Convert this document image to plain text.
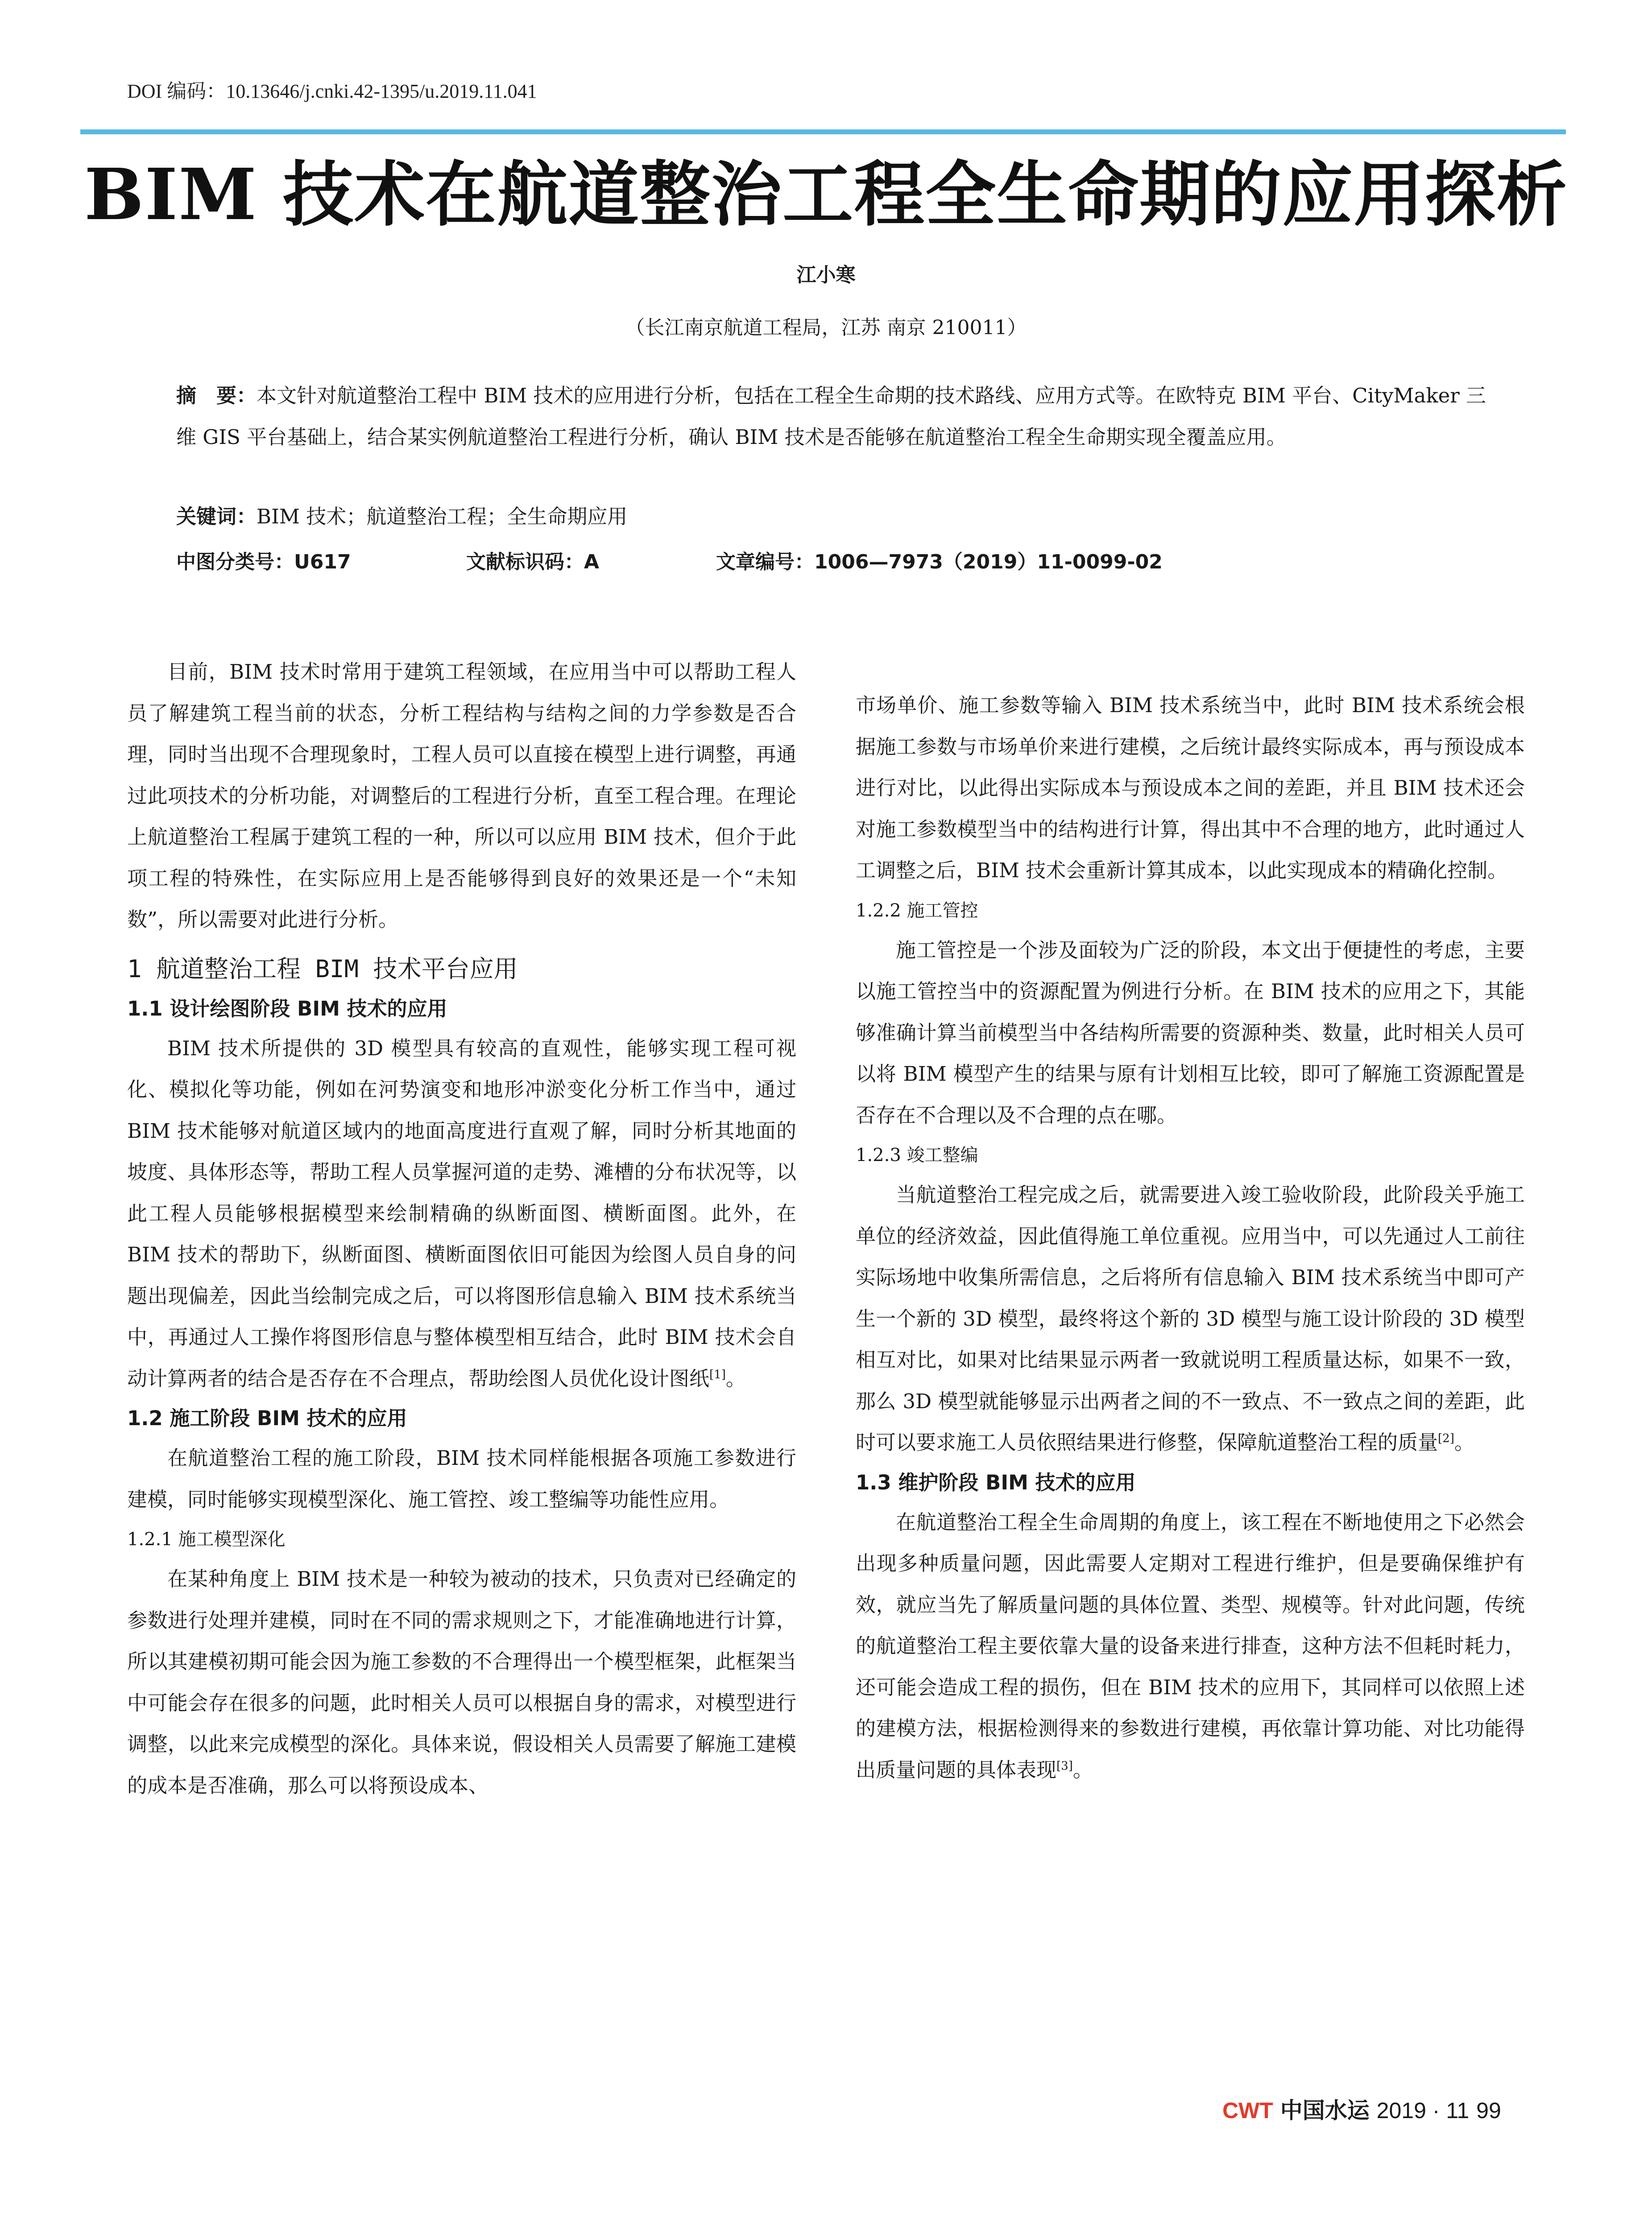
DOI 编码：10.13646/j.cnki.42-1395/u.2019.11.041
BIM 技术在航道整治工程全生命期的应用探析
江小寒
（长江南京航道工程局，江苏 南京 210011）
摘　要：本文针对航道整治工程中 BIM 技术的应用进行分析，包括在工程全生命期的技术路线、应用方式等。在欧特克 BIM 平台、CityMaker 三维 GIS 平台基础上，结合某实例航道整治工程进行分析，确认 BIM 技术是否能够在航道整治工程全生命期实现全覆盖应用。
关键词：BIM 技术；航道整治工程；全生命期应用
中图分类号：U617	文献标识码：A	文章编号：1006—7973（2019）11-0099-02

目前，BIM 技术时常用于建筑工程领域，在应用当中可以帮助工程人员了解建筑工程当前的状态，分析工程结构与结构之间的力学参数是否合理，同时当出现不合理现象时，工程人员可以直接在模型上进行调整，再通过此项技术的分析功能，对调整后的工程进行分析，直至工程合理。在理论上航道整治工程属于建筑工程的一种，所以可以应用 BIM 技术，但介于此项工程的特殊性，在实际应用上是否能够得到良好的效果还是一个“未知数”，所以需要对此进行分析。

1 航道整治工程 BIM 技术平台应用
1.1 设计绘图阶段 BIM 技术的应用

BIM 技术所提供的 3D 模型具有较高的直观性，能够实现工程可视化、模拟化等功能，例如在河势演变和地形冲淤变化分析工作当中，通过 BIM 技术能够对航道区域内的地面高度进行直观了解，同时分析其地面的坡度、具体形态等，帮助工程人员掌握河道的走势、滩槽的分布状况等，以此工程人员能够根据模型来绘制精确的纵断面图、横断面图。此外，在 BIM 技术的帮助下，纵断面图、横断面图依旧可能因为绘图人员自身的问题出现偏差，因此当绘制完成之后，可以将图形信息输入 BIM 技术系统当中，再通过人工操作将图形信息与整体模型相互结合，此时 BIM 技术会自动计算两者的结合是否存在不合理点，帮助绘图人员优化设计图纸[1]。

1.2 施工阶段 BIM 技术的应用

在航道整治工程的施工阶段，BIM 技术同样能根据各项施工参数进行建模，同时能够实现模型深化、施工管控、竣工整编等功能性应用。

1.2.1 施工模型深化

在某种角度上 BIM 技术是一种较为被动的技术，只负责对已经确定的参数进行处理并建模，同时在不同的需求规则之下，才能准确地进行计算，所以其建模初期可能会因为施工参数的不合理得出一个模型框架，此框架当中可能会存在很多的问题，此时相关人员可以根据自身的需求，对模型进行调整，以此来完成模型的深化。具体来说，假设相关人员需要了解施工建模的成本是否准确，那么可以将预设成本、

市场单价、施工参数等输入 BIM 技术系统当中，此时 BIM 技术系统会根据施工参数与市场单价来进行建模，之后统计最终实际成本，再与预设成本进行对比，以此得出实际成本与预设成本之间的差距，并且 BIM 技术还会对施工参数模型当中的结构进行计算，得出其中不合理的地方，此时通过人工调整之后，BIM 技术会重新计算其成本，以此实现成本的精确化控制。

1.2.2 施工管控

施工管控是一个涉及面较为广泛的阶段，本文出于便捷性的考虑，主要以施工管控当中的资源配置为例进行分析。在 BIM 技术的应用之下，其能够准确计算当前模型当中各结构所需要的资源种类、数量，此时相关人员可以将 BIM 模型产生的结果与原有计划相互比较，即可了解施工资源配置是否存在不合理以及不合理的点在哪。

1.2.3 竣工整编

当航道整治工程完成之后，就需要进入竣工验收阶段，此阶段关乎施工单位的经济效益，因此值得施工单位重视。应用当中，可以先通过人工前往实际场地中收集所需信息，之后将所有信息输入 BIM 技术系统当中即可产生一个新的 3D 模型，最终将这个新的 3D 模型与施工设计阶段的 3D 模型相互对比，如果对比结果显示两者一致就说明工程质量达标，如果不一致，那么 3D 模型就能够显示出两者之间的不一致点、不一致点之间的差距，此时可以要求施工人员依照结果进行修整，保障航道整治工程的质量[2]。

1.3 维护阶段 BIM 技术的应用

在航道整治工程全生命周期的角度上，该工程在不断地使用之下必然会出现多种质量问题，因此需要人定期对工程进行维护，但是要确保维护有效，就应当先了解质量问题的具体位置、类型、规模等。针对此问题，传统的航道整治工程主要依靠大量的设备来进行排查，这种方法不但耗时耗力，还可能会造成工程的损伤，但在 BIM 技术的应用下，其同样可以依照上述的建模方法，根据检测得来的参数进行建模，再依靠计算功能、对比功能得出质量问题的具体表现[3]。

CWT 中国水运 2019 · 11 99
